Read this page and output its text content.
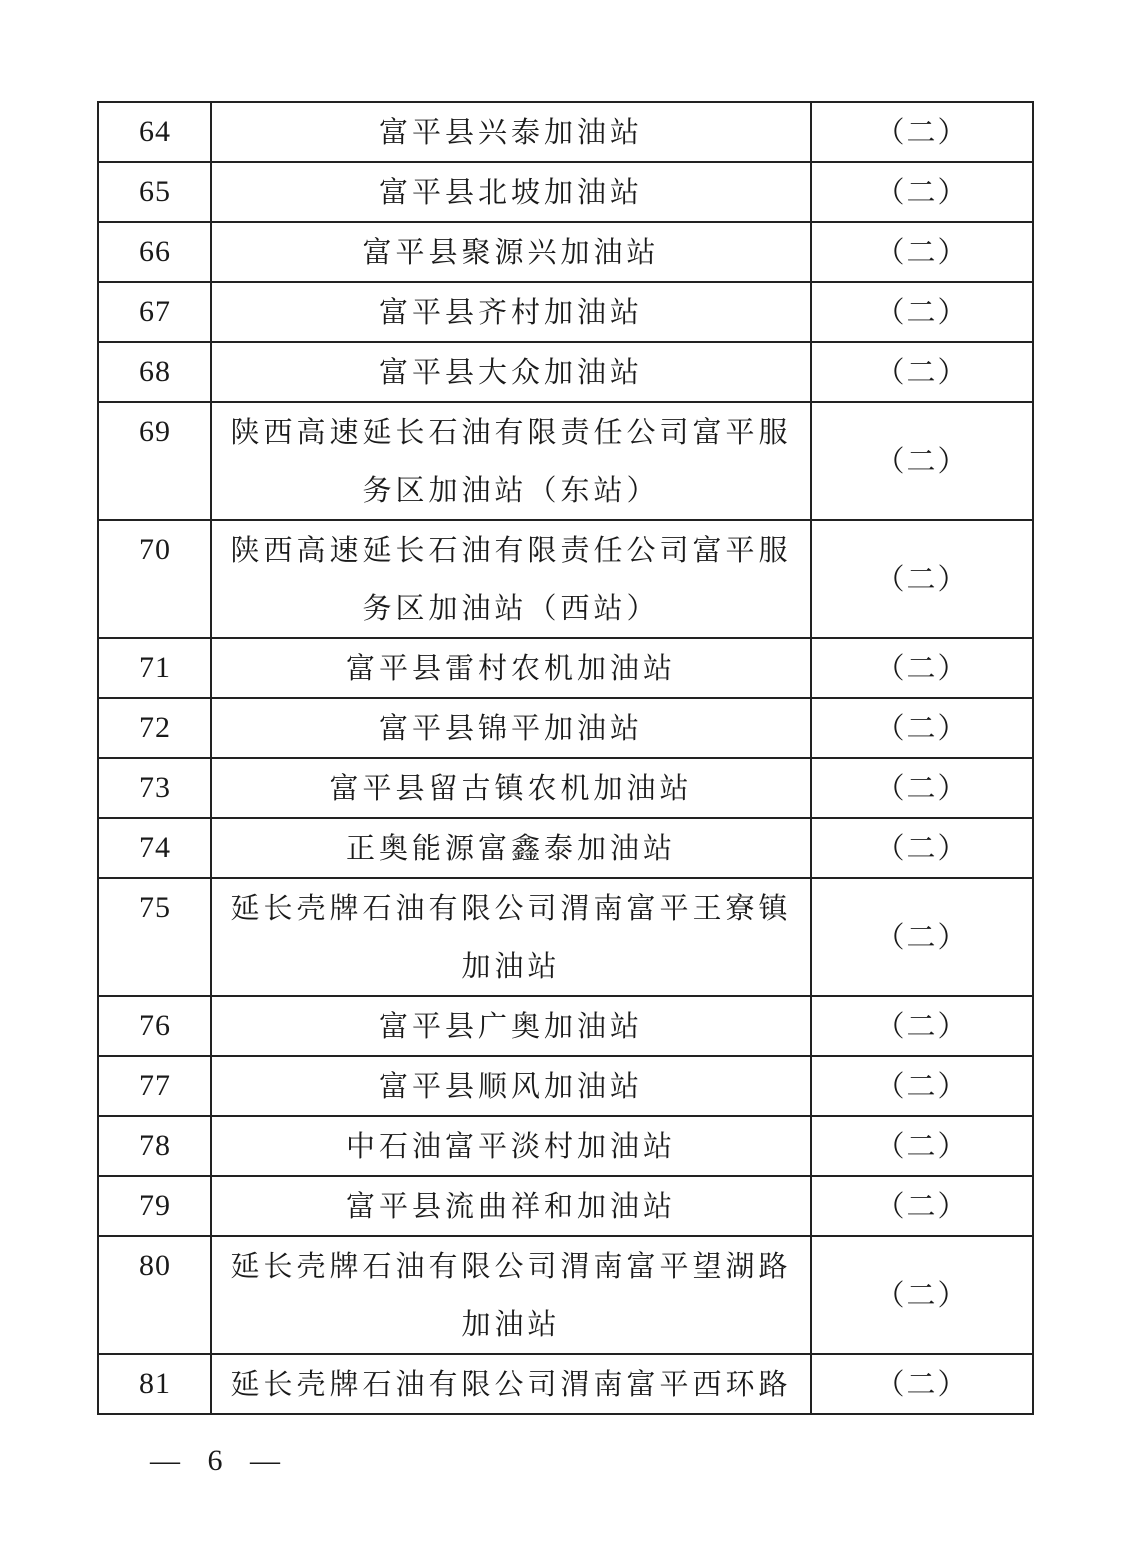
64	富平县兴泰加油站	（二）
65	富平县北坡加油站	（二）
66	富平县聚源兴加油站	（二）
67	富平县齐村加油站	（二）
68	富平县大众加油站	（二）
69	陕西高速延长石油有限责任公司富平服
务区加油站（东站）	（二）
70	陕西高速延长石油有限责任公司富平服
务区加油站（西站）	（二）
71	富平县雷村农机加油站	（二）
72	富平县锦平加油站	（二）
73	富平县留古镇农机加油站	（二）
74	正奥能源富鑫泰加油站	（二）
75	延长壳牌石油有限公司渭南富平王寮镇
加油站	（二）
76	富平县广奥加油站	（二）
77	富平县顺风加油站	（二）
78	中石油富平淡村加油站	（二）
79	富平县流曲祥和加油站	（二）
80	延长壳牌石油有限公司渭南富平望湖路
加油站	（二）
81	延长壳牌石油有限公司渭南富平西环路	（二）
— 6 —
